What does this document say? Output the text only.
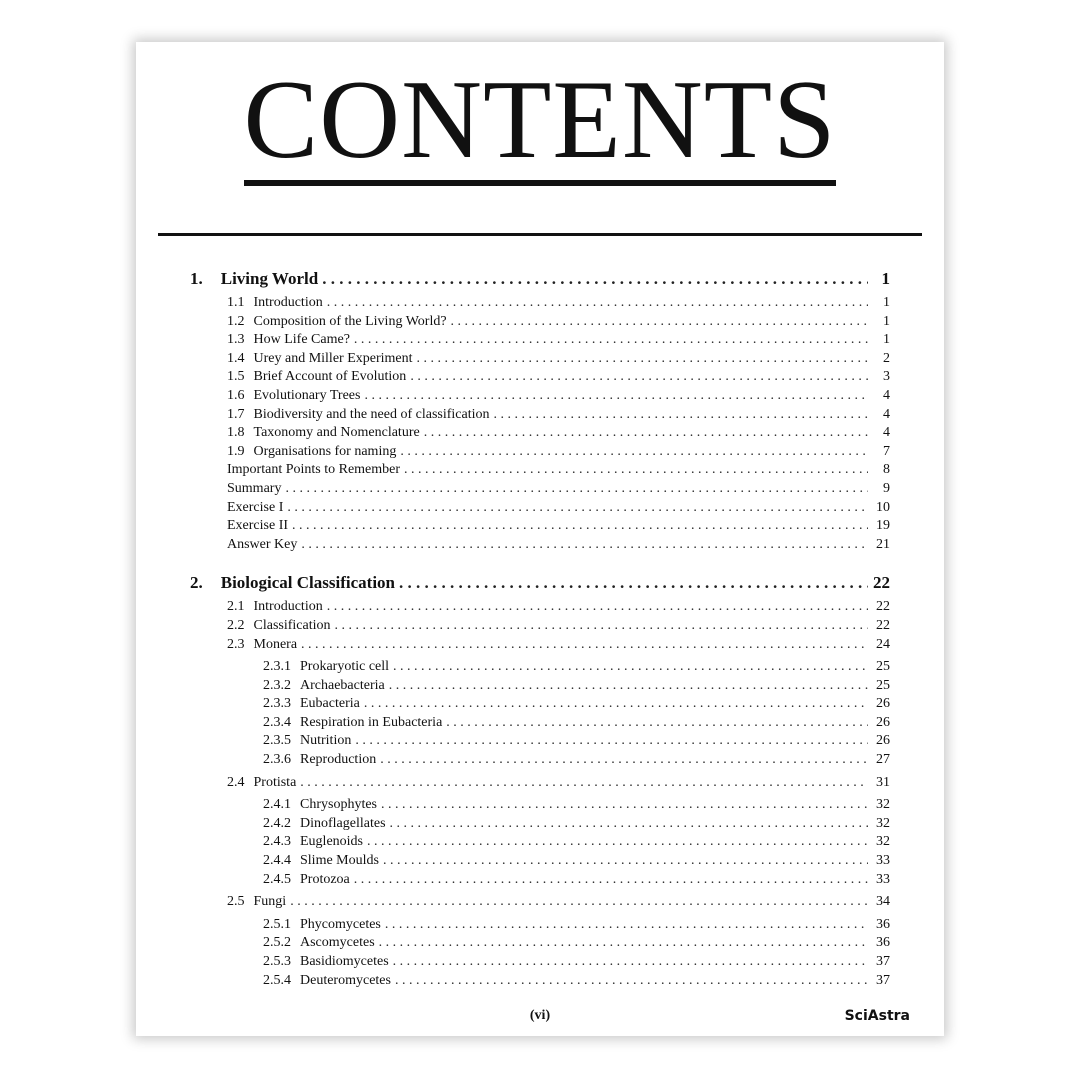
CONTENTS
1. Living World . . .	1
1.1 Introduction . . .	1
1.2 Composition of the Living World? . . .	1
1.3 How Life Came? . . .	1
1.4 Urey and Miller Experiment . . .	2
1.5 Brief Account of Evolution . . .	3
1.6 Evolutionary Trees . . .	4
1.7 Biodiversity and the need of classification . . .	4
1.8 Taxonomy and Nomenclature . . .	4
1.9 Organisations for naming . . .	7
Important Points to Remember . . .	8
Summary . . .	9
Exercise I . . .	10
Exercise II . . .	19
Answer Key . . .	21
2. Biological Classification . . .	22
2.1 Introduction . . .	22
2.2 Classification . . .	22
2.3 Monera . . .	24
2.3.1 Prokaryotic cell . . .	25
2.3.2 Archaebacteria . . .	25
2.3.3 Eubacteria . . .	26
2.3.4 Respiration in Eubacteria . . .	26
2.3.5 Nutrition . . .	26
2.3.6 Reproduction . . .	27
2.4 Protista . . .	31
2.4.1 Chrysophytes . . .	32
2.4.2 Dinoflagellates . . .	32
2.4.3 Euglenoids . . .	32
2.4.4 Slime Moulds . . .	33
2.4.5 Protozoa . . .	33
2.5 Fungi . . .	34
2.5.1 Phycomycetes . . .	36
2.5.2 Ascomycetes . . .	36
2.5.3 Basidiomycetes . . .	37
2.5.4 Deuteromycetes . . .	37
(vi)	SciAstra
